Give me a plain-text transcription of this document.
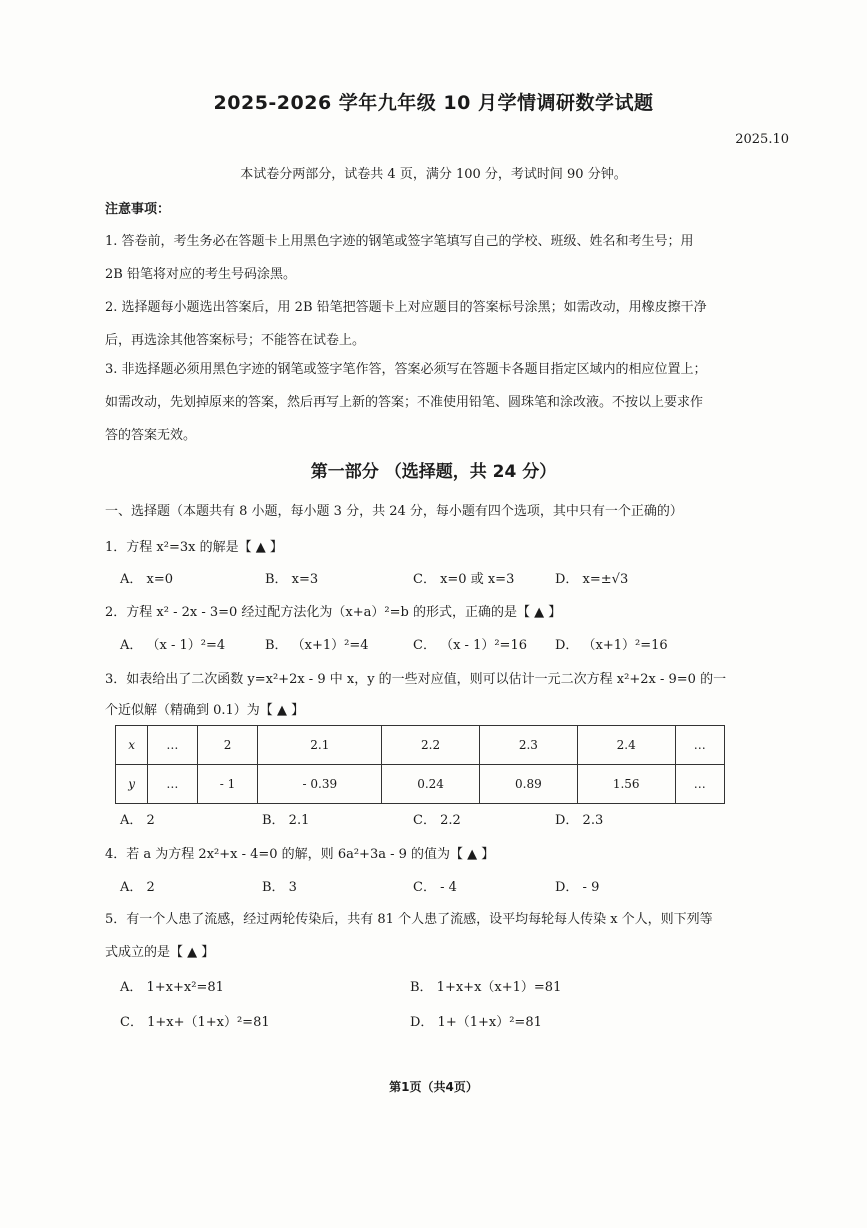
2025-2026 学年九年级 10 月学情调研数学试题
2025.10
本试卷分两部分，试卷共 4 页，满分 100 分，考试时间 90 分钟。
注意事项：
1. 答卷前，考生务必在答题卡上用黑色字迹的钢笔或签字笔填写自己的学校、班级、姓名和考生号；用
2B 铅笔将对应的考生号码涂黑。
2. 选择题每小题选出答案后，用 2B 铅笔把答题卡上对应题目的答案标号涂黑；如需改动，用橡皮擦干净
后，再选涂其他答案标号；不能答在试卷上。
3. 非选择题必须用黑色字迹的钢笔或签字笔作答，答案必须写在答题卡各题目指定区域内的相应位置上；
如需改动，先划掉原来的答案，然后再写上新的答案；不准使用铅笔、圆珠笔和涂改液。不按以上要求作
答的答案无效。
第一部分 （选择题，共 24 分）
一、选择题（本题共有 8 小题，每小题 3 分，共 24 分，每小题有四个选项，其中只有一个正确的）
1．方程 x²=3x 的解是【 ▲ 】
A． x=0	B． x=3	C． x=0 或 x=3	D． x=±√3
2．方程 x² - 2x - 3=0 经过配方法化为（x+a）²=b 的形式，正确的是【 ▲ 】
A． （x - 1）²=4	B． （x+1）²=4	C． （x - 1）²=16 D． （x+1）²=16
3．如表给出了二次函数 y=x²+2x - 9 中 x，y 的一些对应值，则可以估计一元二次方程 x²+2x - 9=0 的一
个近似解（精确到 0.1）为【 ▲ 】
x	…	2	2.1	2.2	2.3	2.4	…
y	…	- 1	- 0.39	0.24	0.89	1.56	…
A． 2	B． 2.1	C． 2.2	D． 2.3
4．若 a 为方程 2x²+x - 4=0 的解，则 6a²+3a - 9 的值为【 ▲ 】
A． 2	B． 3	C． - 4	D． - 9
5．有一个人患了流感，经过两轮传染后，共有 81 个人患了流感，设平均每轮每人传染 x 个人，则下列等
式成立的是【 ▲ 】
A． 1+x+x²=81	B． 1+x+x（x+1）=81
C． 1+x+（1+x）²=81	D． 1+（1+x）²=81
第1页（共4页）
